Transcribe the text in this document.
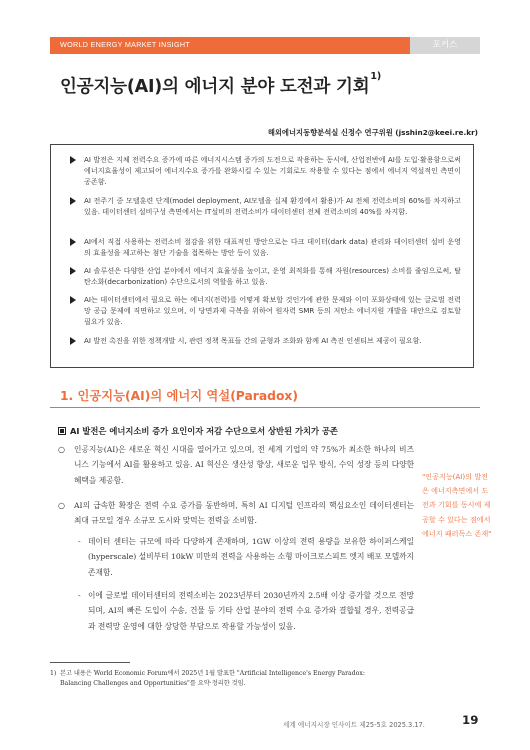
WORLD ENERGY MARKET INSIGHT	포커스
인공지능(AI)의 에너지 분야 도전과 기회$^{1)}$
해외에너지동향분석실 신정수 연구위원 (jsshin2@keei.re.kr)
AI 발전은 지체 전력수요 증가에 따른 에너지시스템 증가의 도전으로 작용하는 동시에, 산업전반에 AI를 도입·활용함으로써 에너지효율성이 제고되어 에너지수요 증가를 완화시킬 수 있는 기회로도 작용할 수 있다는 점에서 에너지 역설적인 측면이 공존함.
AI 전주기 중 모델훈련 단계(model deployment, AI모델을 실제 환경에서 활용)가 AI 전체 전력소비의 60%를 차지하고 있음. 데이터센터 설비구성 측면에서는 IT설비의 전력소비가 데이터센터 전체 전력소비의 40%를 차지함.
AI에서 직접 사용하는 전력소비 절감을 위한 대표적인 방안으로는 다크 데이터(dark data) 관리와 데이터센터 설비 운영의 효율성을 제고하는 첨단 기술을 접목하는 방안 등이 있음.
AI 솔루션은 다양한 산업 분야에서 에너지 효율성을 높이고, 운영 최적화를 통해 자원(resources) 소비를 줄임으로써, 탈탄소화(decarbonization) 수단으로서의 역할을 하고 있음.
AI는 데이터센터에서 필요로 하는 에너지(전력)를 어떻게 확보할 것인가에 관한 문제와 이미 포화상태에 있는 글로벌 전력망 공급 문제에 직면하고 있으며, 이 당면과제 극복을 위하여 원자력 SMR 등의 저탄소 에너지원 개발을 대안으로 검토할 필요가 있음.
AI 발전 촉진을 위한 정책개발 시, 관련 정책 목표들 간의 균형과 조화와 함께 AI 측진 인센티브 제공이 필요함.
1. 인공지능(AI)의 에너지 역설(Paradox)
AI 발전은 에너지소비 증가 요인이자 저감 수단으로서 상반된 가치가 공존
○ 인공지능(AI)은 새로운 혁신 시대를 열어가고 있으며, 전 세계 기업의 약 75%가 최소한 하나의 비즈니스 기능에서 AI를 활용하고 있음. AI 혁신은 생산성 향상, 새로운 업무 방식, 수익 성장 등의 다양한 혜택을 제공함.
○ AI의 급속한 확장은 전력 수요 증가를 동반하며, 특히 AI 디지털 인프라의 핵심요소인 데이터센터는 최대 규모일 경우 소규모 도시와 맞먹는 전력을 소비함.
- 데이터 센터는 규모에 따라 다양하게 존재하며, 1GW 이상의 전력 용량을 보유한 하이퍼스케일(hyperscale) 설비부터 10kW 미만의 전력을 사용하는 소형 마이크로스피트 엣지 배포 모델까지 존재함.
- 이에 글로벌 데이터센터의 전력소비는 2023년부터 2030년까지 2.5배 이상 증가할 것으로 전망되며, AI의 빠른 도입이 수송, 건물 등 기타 산업 분야의 전력 수요 증가와 결합될 경우, 전력공급과 전력망 운영에 대한 상당한 부담으로 작용할 가능성이 있음.
"인공지능(AI)의 발전은 에너지측면에서 도전과 기회를 동시에 제공할 수 있다는 점에서 에너지 패러독스 존재"
1) 본고 내용은 World Economic Forum에서 2025년 1월 발표한 "Artificial Intelligence's Energy Paradox: Balancing Challenges and Opportunities"를 요약·정리한 것임.
세계 에너지시장 인사이트 제25-5호 2025.3.17.	19
